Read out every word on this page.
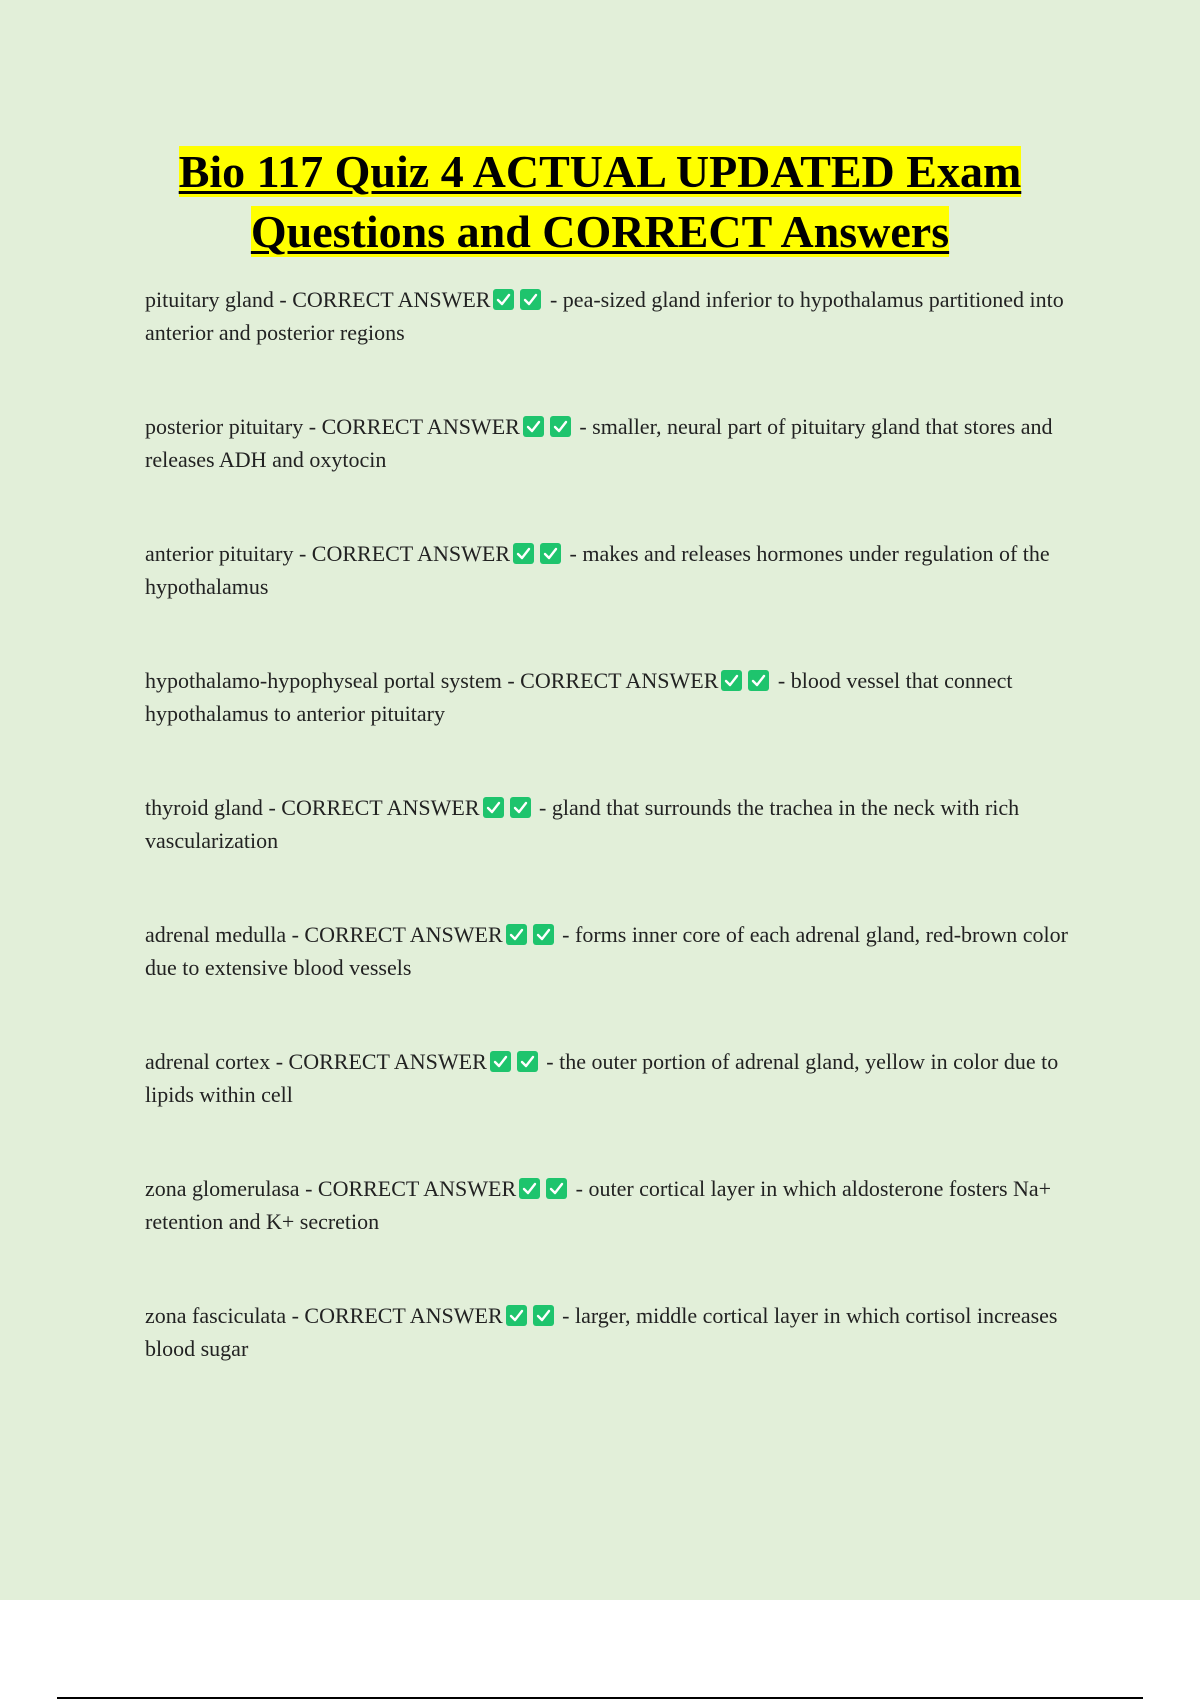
Bio 117 Quiz 4 ACTUAL UPDATED Exam
Questions and CORRECT Answers
pituitary gland - CORRECT ANSWER	- pea-sized gland inferior to hypothalamus partitioned into anterior and posterior regions
posterior pituitary - CORRECT ANSWER	- smaller, neural part of pituitary gland that stores and releases ADH and oxytocin
anterior pituitary - CORRECT ANSWER	- makes and releases hormones under regulation of the hypothalamus
hypothalamo-hypophyseal portal system - CORRECT ANSWER	- blood vessel that connect hypothalamus to anterior pituitary
thyroid gland - CORRECT ANSWER	- gland that surrounds the trachea in the neck with rich vascularization
adrenal medulla - CORRECT ANSWER	- forms inner core of each adrenal gland, red-brown color due to extensive blood vessels
adrenal cortex - CORRECT ANSWER	- the outer portion of adrenal gland, yellow in color due to lipids within cell
zona glomerulasa - CORRECT ANSWER	- outer cortical layer in which aldosterone fosters Na+ retention and K+ secretion
zona fasciculata - CORRECT ANSWER	- larger, middle cortical layer in which cortisol increases blood sugar
